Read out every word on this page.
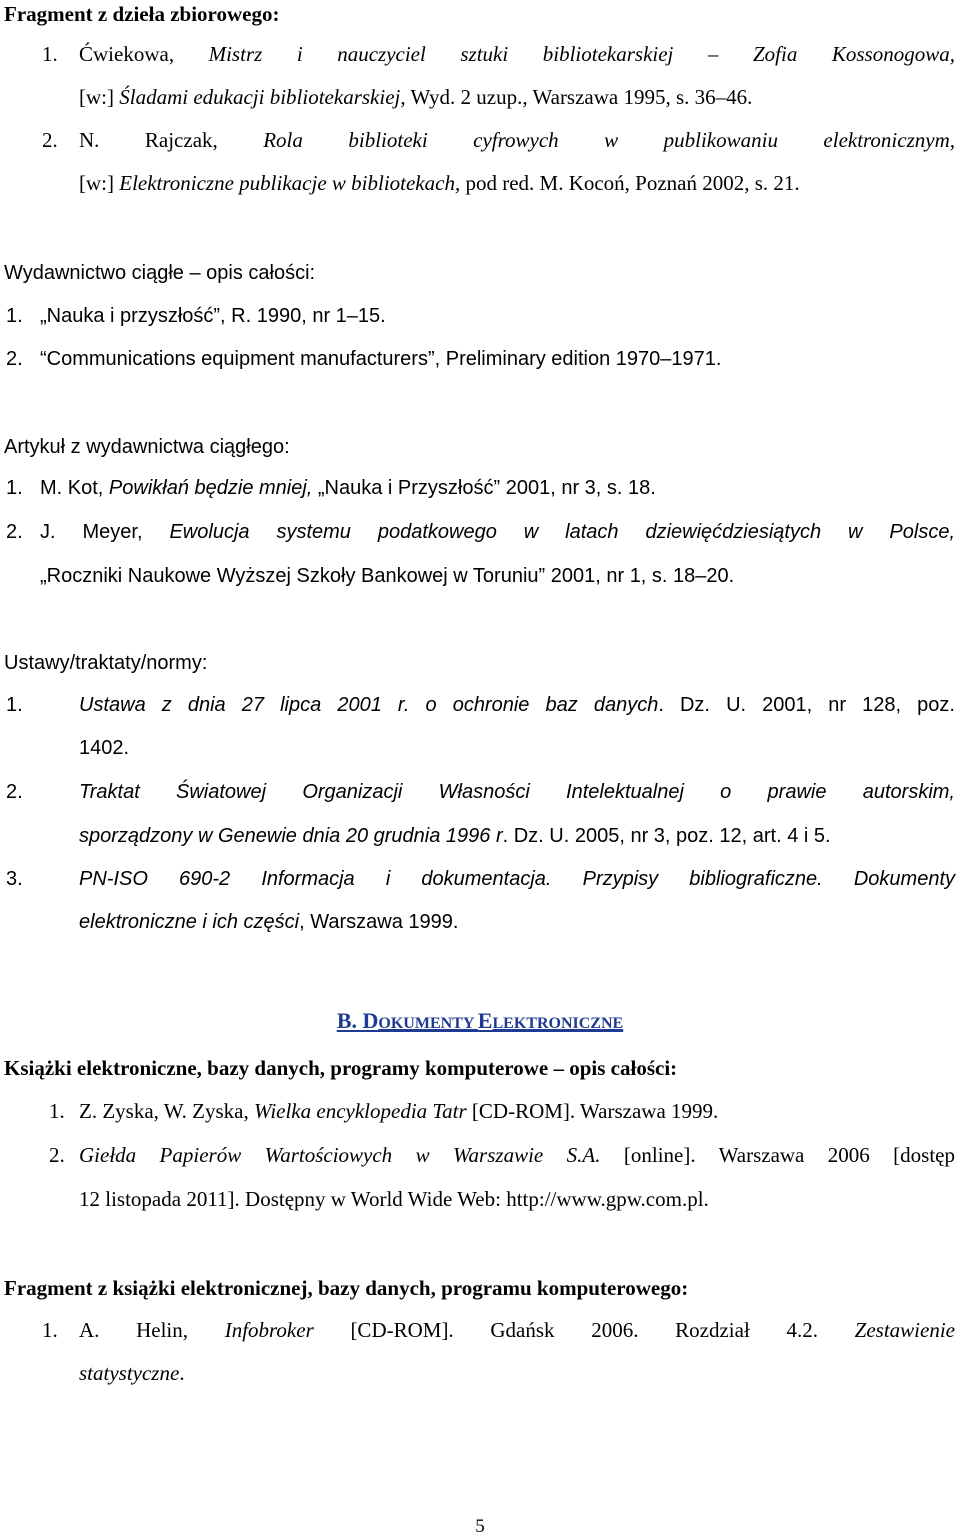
Fragment z dzieła zbiorowego:
1. Ćwiekowa, Mistrz i nauczyciel sztuki bibliotekarskiej – Zofia Kossonogowa,
[w:] Śladami edukacji bibliotekarskiej, Wyd. 2 uzup., Warszawa 1995, s. 36–46.
2. N. Rajczak, Rola biblioteki cyfrowych w publikowaniu elektronicznym,
[w:] Elektroniczne publikacje w bibliotekach, pod red. M. Kocoń, Poznań 2002, s. 21.
Wydawnictwo ciągłe – opis całości:
1. „Nauka i przyszłość”, R. 1990, nr 1–15.
2. “Communications equipment manufacturers”, Preliminary edition 1970–1971.
Artykuł z wydawnictwa ciągłego:
1. M. Kot, Powikłań będzie mniej, „Nauka i Przyszłość” 2001, nr 3, s. 18.
2. J. Meyer, Ewolucja systemu podatkowego w latach dziewięćdziesiątych w Polsce,
„Roczniki Naukowe Wyższej Szkoły Bankowej w Toruniu” 2001, nr 1, s. 18–20.
Ustawy/traktaty/normy:
1.	Ustawa z dnia 27 lipca 2001 r. o ochronie baz danych. Dz. U. 2001, nr 128, poz.
1402.
2.	Traktat Światowej Organizacji Własności Intelektualnej o prawie autorskim,
sporządzony w Genewie dnia 20 grudnia 1996 r. Dz. U. 2005, nr 3, poz. 12, art. 4 i 5.
3.	PN-ISO 690-2 Informacja i dokumentacja. Przypisy bibliograficzne. Dokumenty
elektroniczne i ich części, Warszawa 1999.
B. DOKUMENTY ELEKTRONICZNE
Książki elektroniczne, bazy danych, programy komputerowe – opis całości:
1. Z. Zyska, W. Zyska, Wielka encyklopedia Tatr [CD-ROM]. Warszawa 1999.
2. Giełda Papierów Wartościowych w Warszawie S.A. [online]. Warszawa 2006 [dostęp
12 listopada 2011]. Dostępny w World Wide Web: http://www.gpw.com.pl.
Fragment z książki elektronicznej, bazy danych, programu komputerowego:
1. A. Helin, Infobroker [CD-ROM]. Gdańsk 2006. Rozdział 4.2. Zestawienie
statystyczne.
5
